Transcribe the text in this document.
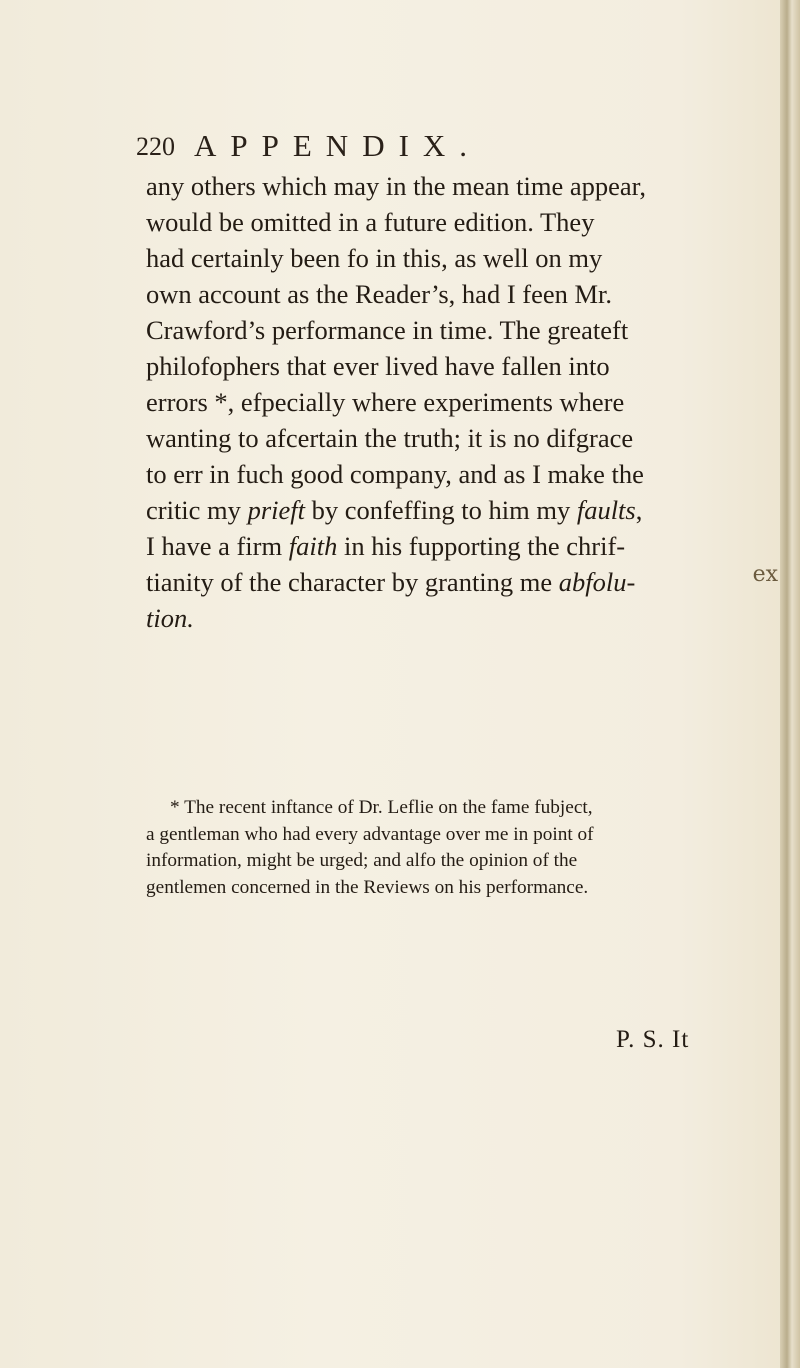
220 APPENDIX.
any others which may in the mean time appear,
would be omitted in a future edition. They
had certainly been fo in this, as well on my
own account as the Reader’s, had I feen Mr.
Crawford’s performance in time. The greateft
philofophers that ever lived have fallen into
errors *, efpecially where experiments where
wanting to afcertain the truth; it is no difgrace
to err in fuch good company, and as I make the
critic my prieft by confeffing to him my faults,
I have a firm faith in his fupporting the chrif-
tianity of the character by granting me abfolu-
tion.
* The recent inftance of Dr. Leflie on the fame fubject,
a gentleman who had every advantage over me in point of
information, might be urged; and alfo the opinion of the
gentlemen concerned in the Reviews on his performance.
P. S. It
ex
